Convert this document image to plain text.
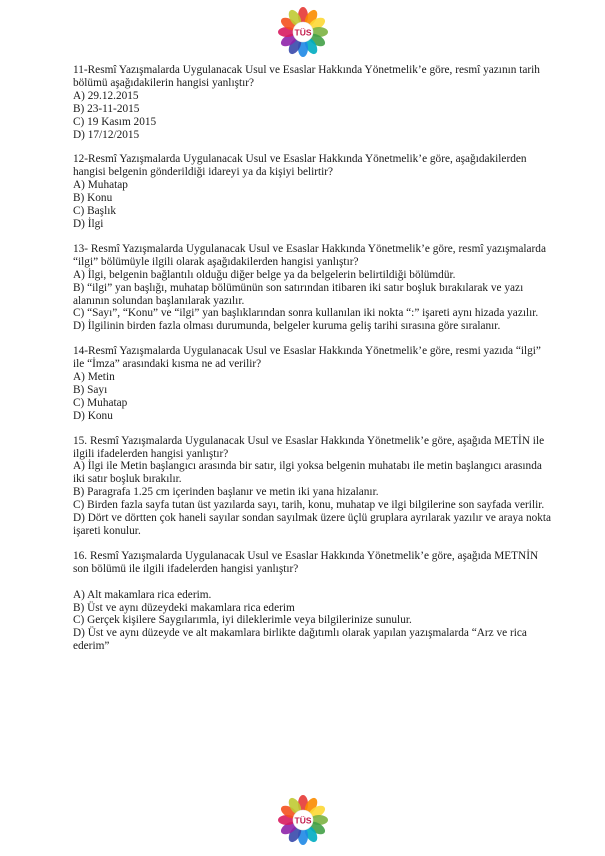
TÜS
11-Resmî Yazışmalarda Uygulanacak Usul ve Esaslar Hakkında Yönetmelik’e göre, resmî yazının tarih bölümü aşağıdakilerin hangisi yanlıştır?
A) 29.12.2015
B) 23-11-2015
C) 19 Kasım 2015
D) 17/12/2015
12-Resmî Yazışmalarda Uygulanacak Usul ve Esaslar Hakkında Yönetmelik’e göre, aşağıdakilerden hangisi belgenin gönderildiği idareyi ya da kişiyi belirtir?
A) Muhatap
B) Konu
C) Başlık
D) İlgi
13- Resmî Yazışmalarda Uygulanacak Usul ve Esaslar Hakkında Yönetmelik’e göre, resmî yazışmalarda “ilgi” bölümüyle ilgili olarak aşağıdakilerden hangisi yanlıştır?
A) İlgi, belgenin bağlantılı olduğu diğer belge ya da belgelerin belirtildiği bölümdür.
B) “ilgi” yan başlığı, muhatap bölümünün son satırından itibaren iki satır boşluk bırakılarak ve yazı alanının solundan başlanılarak yazılır.
C) “Sayı”, “Konu” ve “ilgi” yan başlıklarından sonra kullanılan iki nokta “:” işareti aynı hizada yazılır.
D) İlgilinin birden fazla olması durumunda, belgeler kuruma geliş tarihi sırasına göre sıralanır.
14-Resmî Yazışmalarda Uygulanacak Usul ve Esaslar Hakkında Yönetmelik’e göre, resmi yazıda “ilgi” ile “İmza” arasındaki kısma ne ad verilir?
A) Metin
B) Sayı
C) Muhatap
D) Konu
15. Resmî Yazışmalarda Uygulanacak Usul ve Esaslar Hakkında Yönetmelik’e göre, aşağıda METİN ile ilgili ifadelerden hangisi yanlıştır?
A) İlgi ile Metin başlangıcı arasında bir satır, ilgi yoksa belgenin muhatabı ile metin başlangıcı arasında iki satır boşluk bırakılır.
B) Paragrafa 1.25 cm içerinden başlanır ve metin iki yana hizalanır.
C) Birden fazla sayfa tutan üst yazılarda sayı, tarih, konu, muhatap ve ilgi bilgilerine son sayfada verilir.
D) Dört ve dörtten çok haneli sayılar sondan sayılmak üzere üçlü gruplara ayrılarak yazılır ve araya nokta işareti konulur.
16. Resmî Yazışmalarda Uygulanacak Usul ve Esaslar Hakkında Yönetmelik’e göre, aşağıda METNİN son bölümü ile ilgili ifadelerden hangisi yanlıştır?
A) Alt makamlara rica ederim.
B) Üst ve aynı düzeydeki makamlara rica ederim
C) Gerçek kişilere Saygılarımla, iyi dileklerimle veya bilgilerinize sunulur.
D) Üst ve aynı düzeyde ve alt makamlara birlikte dağıtımlı olarak yapılan yazışmalarda “Arz ve rica ederim”
TÜS
